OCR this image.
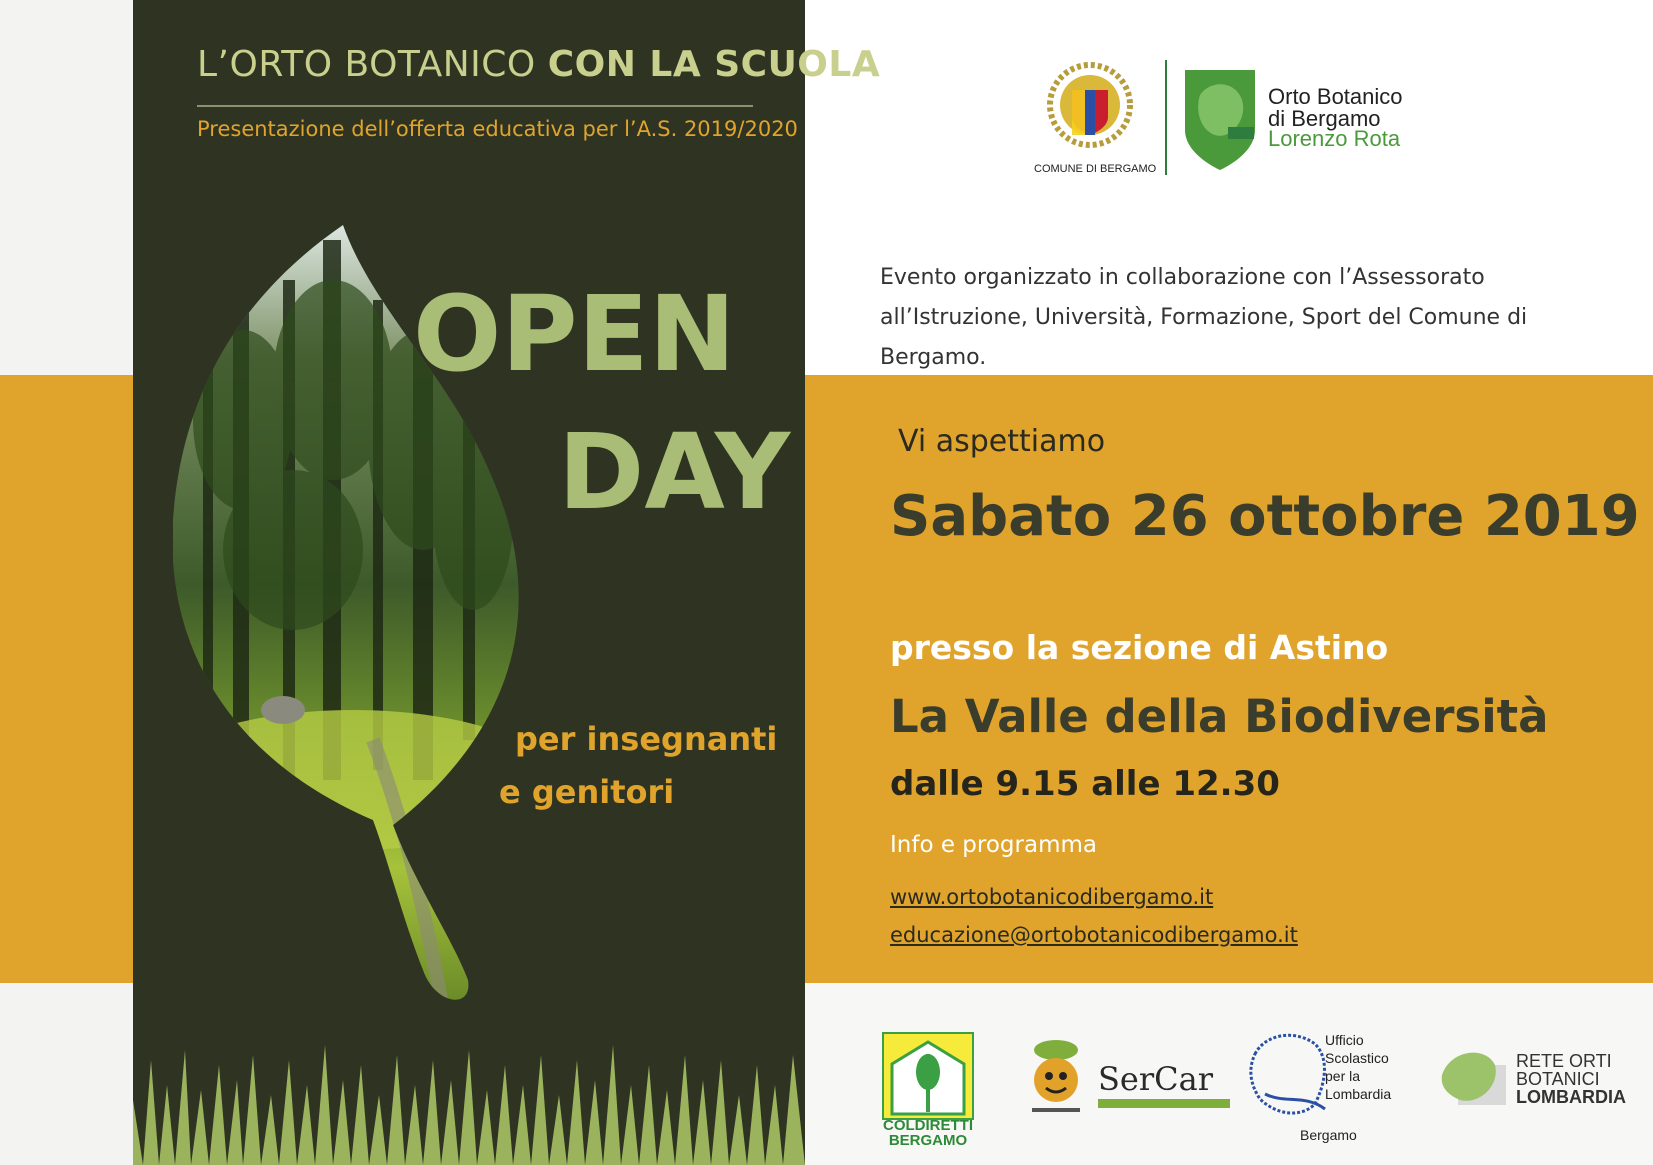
L’ORTO BOTANICO CON LA SCUOLA
Presentazione dell’offerta educativa per l’A.S. 2019/2020
OPEN
DAY
per insegnanti
e genitori
COMUNE DI BERGAMO
Orto Botanico
di Bergamo
Lorenzo Rota
Evento organizzato in collaborazione con l’Assessorato all’Istruzione, Università, Formazione, Sport del Comune di Bergamo.
Vi aspettiamo
Sabato 26 ottobre 2019
presso la sezione di Astino
La Valle della Biodiversità
dalle 9.15 alle 12.30
Info e programma
www.ortobotanicodibergamo.it
educazione@ortobotanicodibergamo.it
COLDIRETTI
BERGAMO
SerCar
Ufficio
Scolastico
per la
Lombardia
Bergamo
RETE ORTI
BOTANICI
LOMBARDIA
